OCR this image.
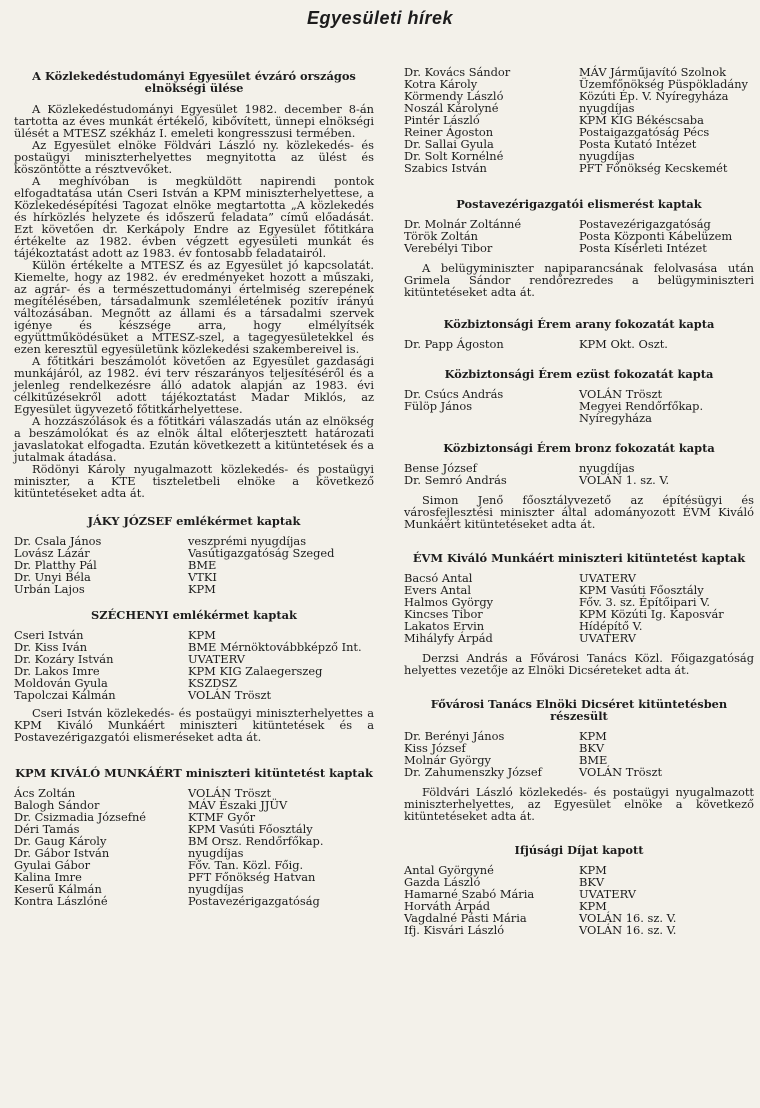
Egyesületi hírek
A Közlekedéstudományi Egyesület évzáró országos elnökségi ülése

A Közlekedéstudományi Egyesület 1982. december 8-án tartotta az éves munkát értékelő, kibővített, ünnepi elnökségi ülését a MTESZ székház I. emeleti kongresszusi termében.

Az Egyesület elnöke Földvári László ny. közlekedés- és postaügyi miniszterhelyettes megnyitotta az ülést és köszöntötte a résztvevőket.

A meghívóban is megküldött napirendi pontok elfogadtatása után Cseri István a KPM miniszterhelyettese, a Közlekedésépítési Tagozat elnöke megtartotta „A közlekedés és hírközlés helyzete és időszerű feladata” című előadását. Ezt követően dr. Kerkápoly Endre az Egyesület főtitkára értékelte az 1982. évben végzett egyesületi munkát és tájékoztatást adott az 1983. év fontosabb feladatairól.

Külön értékelte a MTESZ és az Egyesület jó kapcsolatát. Kiemelte, hogy az 1982. év eredményeket hozott a műszaki, az agrár- és a természettudományi értelmiség szerepének megítélésében, társadalmunk szemléletének pozitív irányú változásában. Megnőtt az állami és a társadalmi szervek igénye és készsége arra, hogy elmélyítsék együttműködésüket a MTESZ-szel, a tagegyesületekkel és ezen keresztül egyesületünk közlekedési szakembereivel is.

A főtitkári beszámolót követően az Egyesület gazdasági munkájáról, az 1982. évi terv részarányos teljesítéséről és a jelenleg rendelkezésre álló adatok alapján az 1983. évi célkitűzésekről adott tájékoztatást Madar Miklós, az Egyesület ügyvezető főtitkárhelyettese.

A hozzászólások és a főtitkári válaszadás után az elnökség a beszámolókat és az elnök által előterjesztett határozati javaslatokat elfogadta. Ezután következett a kitüntetések és a jutalmak átadása.

Rödönyi Károly nyugalmazott közlekedés- és postaügyi miniszter, a KTE tiszteletbeli elnöke a következő kitüntetéseket adta át.

JÁKY JÓZSEF emlékérmet kaptak
Dr. Csala János	veszprémi nyugdíjas
Lovász Lázár	Vasútigazgatóság Szeged
Dr. Platthy Pál	BME
Dr. Unyi Béla	VTKI
Urbán Lajos	KPM
SZÉCHENYI emlékérmet kaptak
Cseri István	KPM
Dr. Kiss Iván	BME Mérnöktovábbképző Int.
Dr. Kozáry István	UVATERV
Dr. Lakos Imre	KPM KIG Zalaegerszeg
Moldován Gyula	KSZDSZ
Tapolczai Kálmán	VOLÁN Tröszt

Cseri István közlekedés- és postaügyi miniszterhelyettes a KPM Kiváló Munkáért miniszteri kitüntetések és a Postavezérigazgatói elismeréseket adta át.

KPM KIVÁLÓ MUNKÁÉRT miniszteri kitüntetést kaptak
Ács Zoltán	VOLÁN Tröszt
Balogh Sándor	MÁV Északi JJÜV
Dr. Csizmadia Józsefné	KTMF Győr
Déri Tamás	KPM Vasúti Főosztály
Dr. Gaug Károly	BM Orsz. Rendőrfőkap.
Dr. Gábor István	nyugdíjas
Gyulai Gábor	Főv. Tan. Közl. Főig.
Kalina Imre	PFT Főnökség Hatvan
Keserű Kálmán	nyugdíjas
Kontra Lászlóné	Postavezérigazgatóság
Dr. Kovács Sándor	MÁV Járműjavító Szolnok
Kotra Károly	Üzemfőnökség Püspökladány
Körmendy László	Közúti Ép. V. Nyíregyháza
Noszál Károlyné	nyugdíjas
Pintér László	KPM KIG Békéscsaba
Reiner Ágoston	Postaigazgatóság Pécs
Dr. Sallai Gyula	Posta Kutató Intézet
Dr. Solt Kornélné	nyugdíjas
Szabics István	PFT Főnökség Kecskemét
Postavezérigazgatói elismerést kaptak
Dr. Molnár Zoltánné	Postavezérigazgatóság
Török Zoltán	Posta Központi Kábelüzem
Verebélyi Tibor	Posta Kísérleti Intézet

A belügyminiszter napiparancsának felolvasása után Grimela Sándor rendőrezredes a belügyminiszteri kitüntetéseket adta át.

Közbiztonsági Érem arany fokozatát kapta
Dr. Papp Ágoston	KPM Okt. Oszt.
Közbiztonsági Érem ezüst fokozatát kapta
Dr. Csúcs András	VOLÁN Tröszt
Fülöp János	Megyei Rendőrfőkap. Nyíregyháza
Közbiztonsági Érem bronz fokozatát kapta
Bense József	nyugdíjas
Dr. Semró András	VOLÁN 1. sz. V.

Simon Jenő főosztályvezető az építésügyi és városfejlesztési miniszter által adományozott ÉVM Kiváló Munkáért kitüntetéseket adta át.

ÉVM Kiváló Munkáért miniszteri kitüntetést kaptak
Bacsó Antal	UVATERV
Evers Antal	KPM Vasúti Főosztály
Halmos György	Főv. 3. sz. Építőipari V.
Kincses Tibor	KPM Közúti Ig. Kaposvár
Lakatos Ervin	Hídépítő V.
Mihályfy Árpád	UVATERV

Derzsi András a Fővárosi Tanács Közl. Főigazgatóság helyettes vezetője az Elnöki Dicséreteket adta át.

Fővárosi Tanács Elnöki Dicséret kitüntetésben részesült
Dr. Berényi János	KPM
Kiss József	BKV
Molnár György	BME
Dr. Zahumenszky József	VOLÁN Tröszt

Földvári László közlekedés- és postaügyi nyugalmazott miniszterhelyettes, az Egyesület elnöke a következő kitüntetéseket adta át.

Ifjúsági Díjat kapott
Antal Györgyné	KPM
Gazda László	BKV
Hamarné Szabó Mária	UVATERV
Horváth Árpád	KPM
Vagdalné Pásti Mária	VOLÁN 16. sz. V.
Ifj. Kisvári László	VOLÁN 16. sz. V.
